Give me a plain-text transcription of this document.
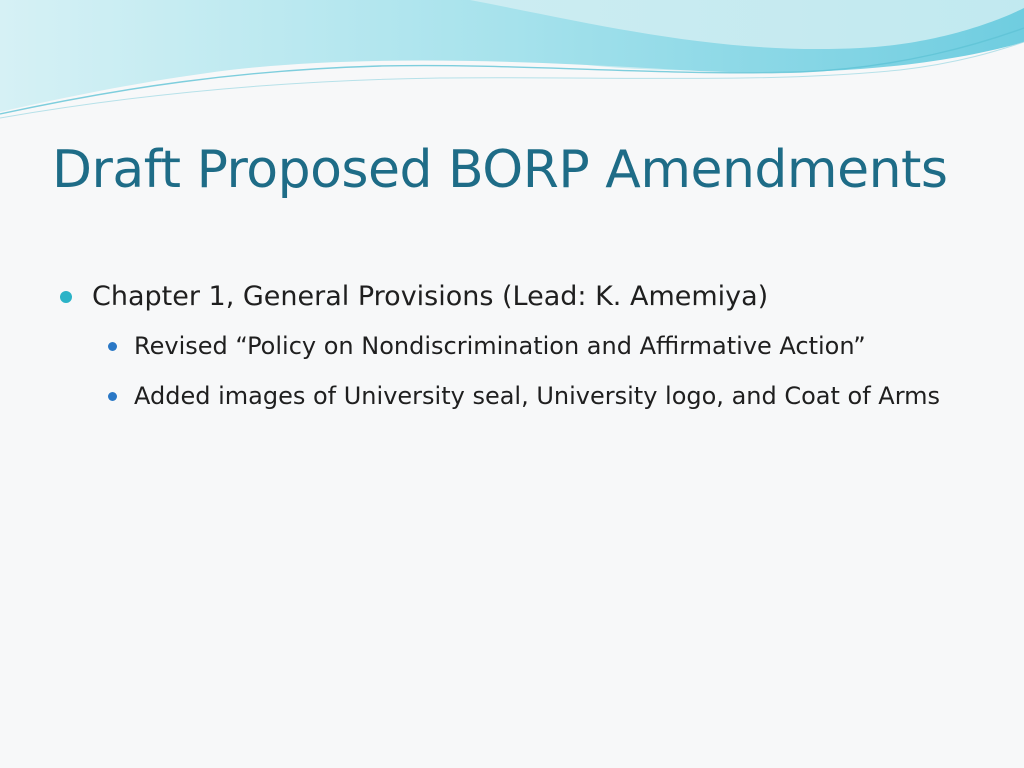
Draft Proposed BORP Amendments
Chapter 1, General Provisions (Lead: K. Amemiya)
Revised “Policy on Nondiscrimination and Affirmative Action”
Added images of University seal, University logo, and Coat of Arms
